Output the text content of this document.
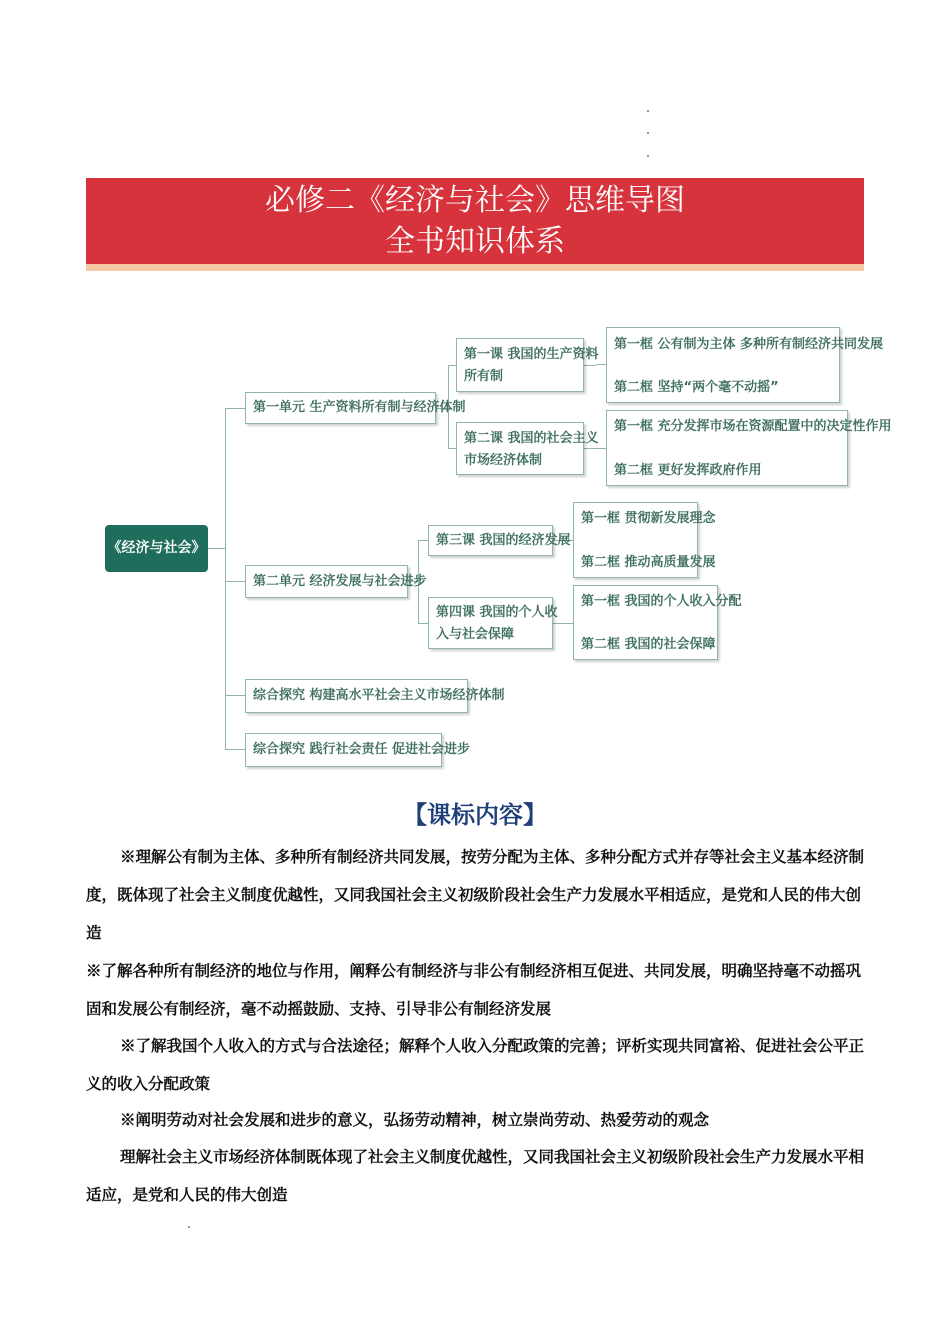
必修二《经济与社会》思维导图
全书知识体系
《经济与社会》
第一单元 生产资料所有制与经济体制
第一课 我国的生产资料
所有制
第一框 公有制为主体 多种所有制经济共同发展
第二框 坚持“两个毫不动摇”
第二课 我国的社会主义
市场经济体制
第一框 充分发挥市场在资源配置中的决定性作用
第二框 更好发挥政府作用
第二单元 经济发展与社会进步
第三课 我国的经济发展
第一框 贯彻新发展理念
第二框 推动高质量发展
第四课 我国的个人收
入与社会保障
第一框 我国的个人收入分配
第二框 我国的社会保障
综合探究 构建高水平社会主义市场经济体制
综合探究 践行社会责任 促进社会进步
【课标内容】
※理解公有制为主体、多种所有制经济共同发展，按劳分配为主体、多种分配方式并存等社会主义基本经济制度，既体现了社会主义制度优越性，又同我国社会主义初级阶段社会生产力发展水平相适应，是党和人民的伟大创造
※了解各种所有制经济的地位与作用，阐释公有制经济与非公有制经济相互促进、共同发展，明确坚持毫不动摇巩固和发展公有制经济，毫不动摇鼓励、支持、引导非公有制经济发展
※了解我国个人收入的方式与合法途径；解释个人收入分配政策的完善；评析实现共同富裕、促进社会公平正义的收入分配政策
※阐明劳动对社会发展和进步的意义，弘扬劳动精神，树立崇尚劳动、热爱劳动的观念
理解社会主义市场经济体制既体现了社会主义制度优越性，又同我国社会主义初级阶段社会生产力发展水平相适应，是党和人民的伟大创造
